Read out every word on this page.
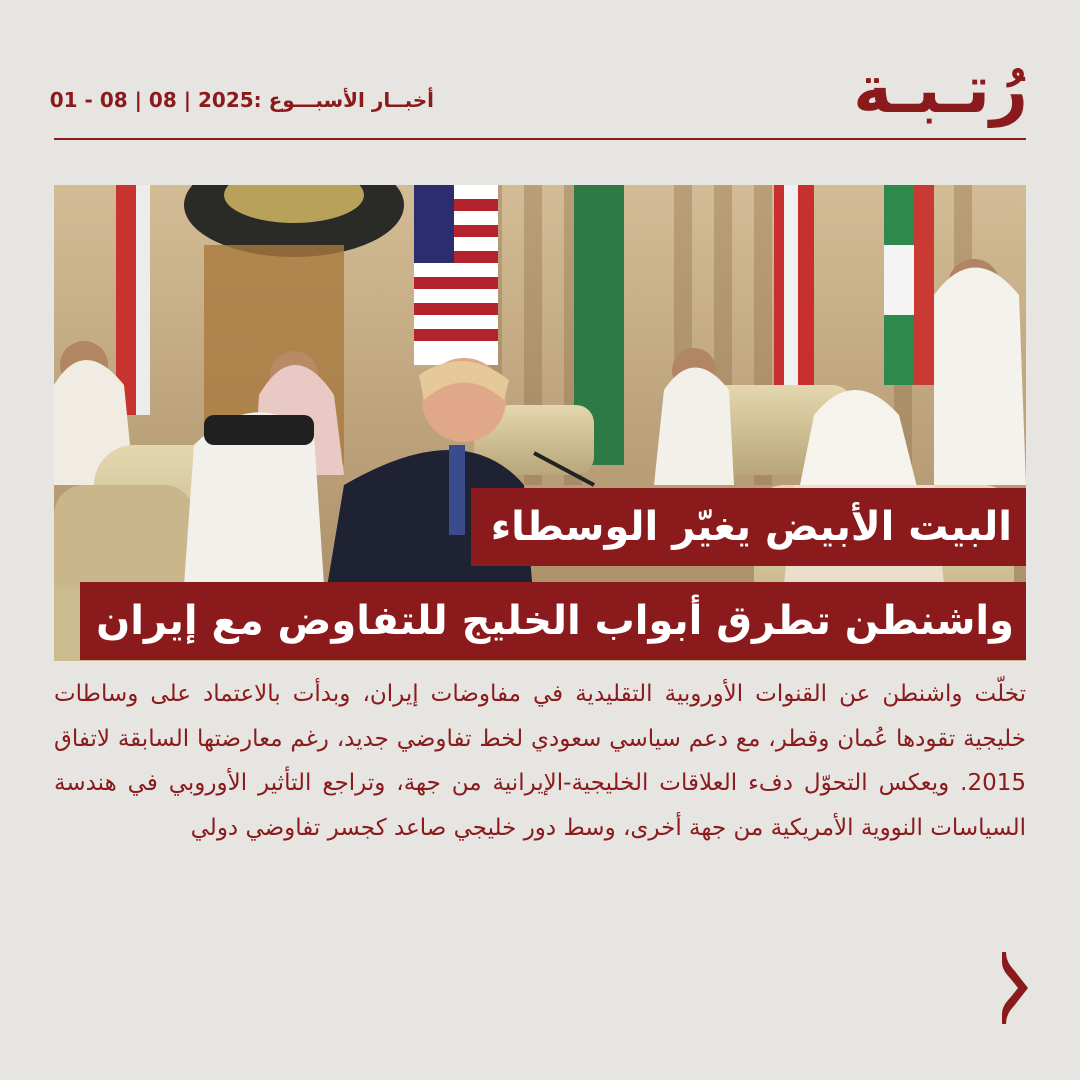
رُتـبـة
أخبــار الأسبـــوع :2025 | 08 | 08 - 01
البيت الأبيض يغيّر الوسطاء
واشنطن تطرق أبواب الخليج للتفاوض مع إيران
تخلّت واشنطن عن القنوات الأوروبية التقليدية في مفاوضات إيران، وبدأت بالاعتماد على وساطات خليجية تقودها عُمان وقطر، مع دعم سياسي سعودي لخط تفاوضي جديد، رغم معارضتها السابقة لاتفاق 2015. ويعكس التحوّل دفء العلاقات الخليجية-الإيرانية من جهة، وتراجع التأثير الأوروبي في هندسة السياسات النووية الأمريكية من جهة أخرى، وسط دور خليجي صاعد كجسر تفاوضي دولي
